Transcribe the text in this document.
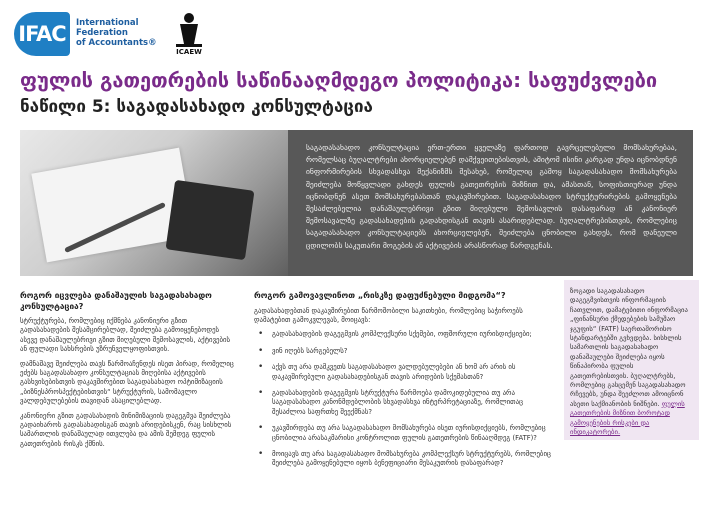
IFAC	International
Federation
of Accountants®
ICAEW
ფულის გათეთრების საწინააღმდეგო პოლიტიკა: საფუძვლები
ნაწილი 5: საგადასახადო კონსულტაცია
საგადასახადო კონსულტაცია ერთ-ერთი ყველაზე ფართოდ გავრცელებული მომსახურებაა, რომელსაც ბუღალტრები ახორციელებენ დამქვეითებისთვის, ამიტომ ისინი კარგად უნდა იცნობდნენ ინფორმირების სხვადასხვა მექანიზმს შესახებ, რომელიც გამოყ საგადასახადო მომსახურება შეიძლება მოწყვლადი გახდეს ფულის გათეთრების მიზნით და, ამასთან, სოფისთიურად უნდა იცნობდნენ ასეთ მომსახურებასთან დაკავშირებით. საგადასახადო სტრუქტურირების გამოყენება შესაძლებელია დანაშაულებრივი გზით მიღებული შემოსავლის დასაფარად ან კანონიერ შემოსავალზე გადასახადების გადახდისგან თავის ასარიდებლად. ბუღალტრებისთვის, რომლებიც საგადასახადო კონსულტაციებს ახორციელებენ, შეიძლება ცნობილი გახდეს, რომ დანეული ცდილობს საკუთარი მოგების ან აქტივების არასწორად წარდგენას.
როგორ იცვლება დანაშაულის საგადასახადო კონსულტაცია?
სტრუქტურება, რომლებიც იქმნება კანონიერი გზით გადასახადების შესამცირებლად, შეიძლება გამოიყენებოდეს ასევე დანაშაულებრივი გზით მიღებული შემოსავლის, აქტივების ან ფულადი სახსრების უზრუნველყოფისთვის.
დამნაშავე შეიძლება თავს წარმოაჩენდეს ისეთ პირად, რომელიც ეძებს საგადასახადო კონსულტაციას მიღებისა აქტივების გასხვისებისთვის დაკავშირებით საგადასახადო ოპტიმიზაციის „ბიზნესპროსპექტებისთვის“ სტრუქტურის, სამომავლო ვალდებულებების თავიდან ასაცილებლად.
კანონიერი გზით გადასახადის მინიმიზაციის დაგეგმვა შეიძლება გადაიხაროს გადასახადისგან თავის არიდებისკენ, რაც სისხლის სამართლის დანაშაულად ითვლება და ამის შემდეგ ფულის გათეთრების რისკს ქმნის.
როგორ გამოვავლინოთ „რისკზე დაფუძნებული მიდგომა“?
გადასახადებთან დაკავშირებით წარმოშობილი საკითხები, რომლებიც საჭიროებს დამატებით გამოკვლევას, მოიცავს:
• გადასახადების დაგეგმვის კომპლექსური სქემები, ოფშორული იურისდიქციები;
• ვინ იღებს სარგებელს?
• აქვს თუ არა დამკვეთს საგადასახადო ვალდებულებები ან ხომ არ არის ის დაკავშირებული გადასახადებისგან თავის არიდების სქემასთან?
• გადასახადების დაგეგმვის სტრუქტურა წარმოება დამოკიდებულია თუ არა საგადასახადო კანონმდებლობის სხვადასხვა ინტერპრეტაციაზე, რომლითაც შესაძლოა საფრთხე შეექმნას?
• უკავშირდება თუ არა საგადასახადო მომსახურება ისეთ იურისდიქციებს, რომლებიც ცნობილია არასაკმარისი კონტროლით ფულის გათეთრების წინააღმდეგ (FATF)?
• მოიცავს თუ არა საგადასახადო მომსახურება კომპლექსურ სტრუქტურებს, რომლებიც შეიძლება გამოყენებული იყოს ბენეფიციარი მესაკუთრის დასაფარად?
ზოგადი საგადასახადო დაგეგმვისთვის ინფორმაციის ჩათვლით, დამატებითი ინფორმაცია „ფინანსური ქმედებების სამუშაო ჯგუფის“ (FATF) საერთაშორისო სტანდარტებში გვხვდება. სისხლის სამართლის საგადასახადო დანაშაულები შეიძლება იყოს წინაპირობა ფულის გათეთრებისთვის. ბუღალტრებს, რომლებიც გასცემენ საგადასახადო რჩევებს, უნდა შეეძლოთ ამოიცნონ ასეთი საქმიანობის ნიშნები. ფულის გათეთრების მიზნით ბოროტად გამოყენების რისკები და ინდიკატორები.
